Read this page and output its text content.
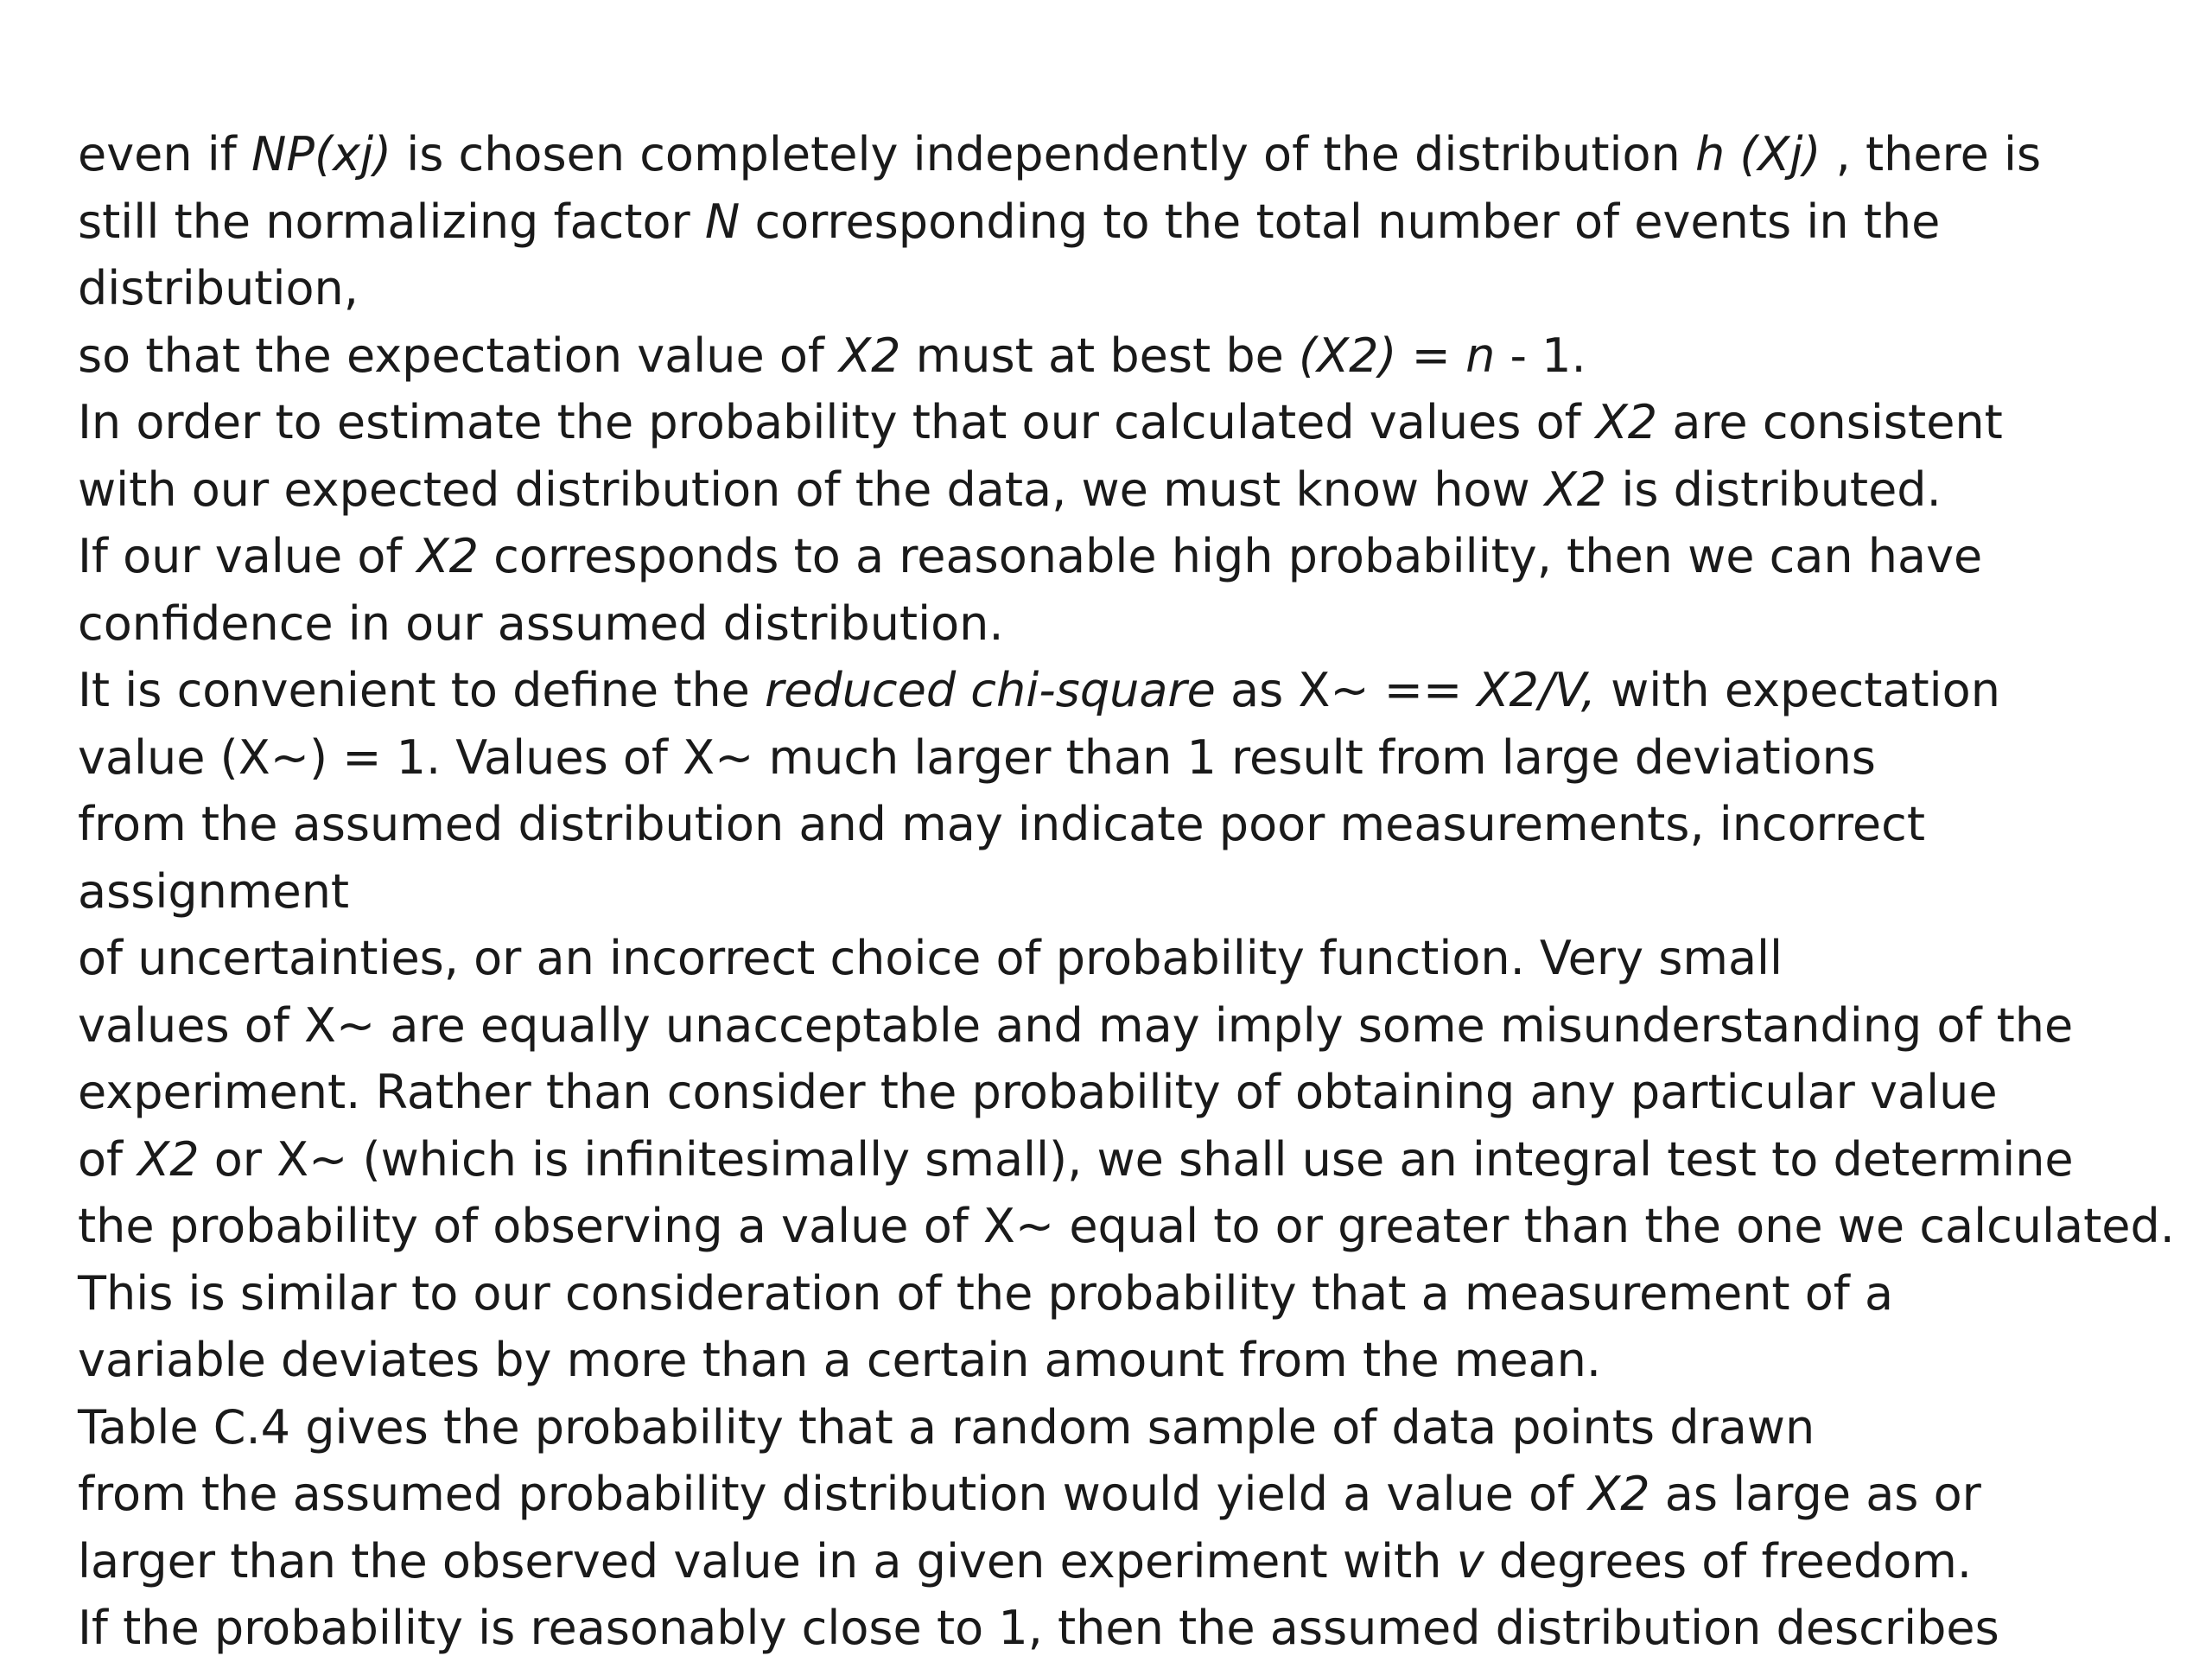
even if NP(xj) is chosen completely independently of the distribution h (Xj) , there is
still the normalizing factor N corresponding to the total number of events in the
distribution,
so that the expectation value of X2 must at best be (X2) = n - 1.
In order to estimate the probability that our calculated values of X2 are consistent
with our expected distribution of the data, we must know how X2 is distributed.
If our value of X2 corresponds to a reasonable high probability, then we can have
confidence in our assumed distribution.
It is convenient to define the reduced chi-square as X~ == X2/V, with expectation
value (X~) = 1. Values of X~ much larger than 1 result from large deviations
from the assumed distribution and may indicate poor measurements, incorrect
assignment
of uncertainties, or an incorrect choice of probability function. Very small
values of X~ are equally unacceptable and may imply some misunderstanding of the
experiment. Rather than consider the probability of obtaining any particular value
of X2 or X~ (which is infinitesimally small), we shall use an integral test to determine
the probability of observing a value of X~ equal to or greater than the one we calculated.
This is similar to our consideration of the probability that a measurement of a
variable deviates by more than a certain amount from the mean.
Table C.4 gives the probability that a random sample of data points drawn
from the assumed probability distribution would yield a value of X2 as large as or
larger than the observed value in a given experiment with v degrees of freedom.
If the probability is reasonably close to 1, then the assumed distribution describes
